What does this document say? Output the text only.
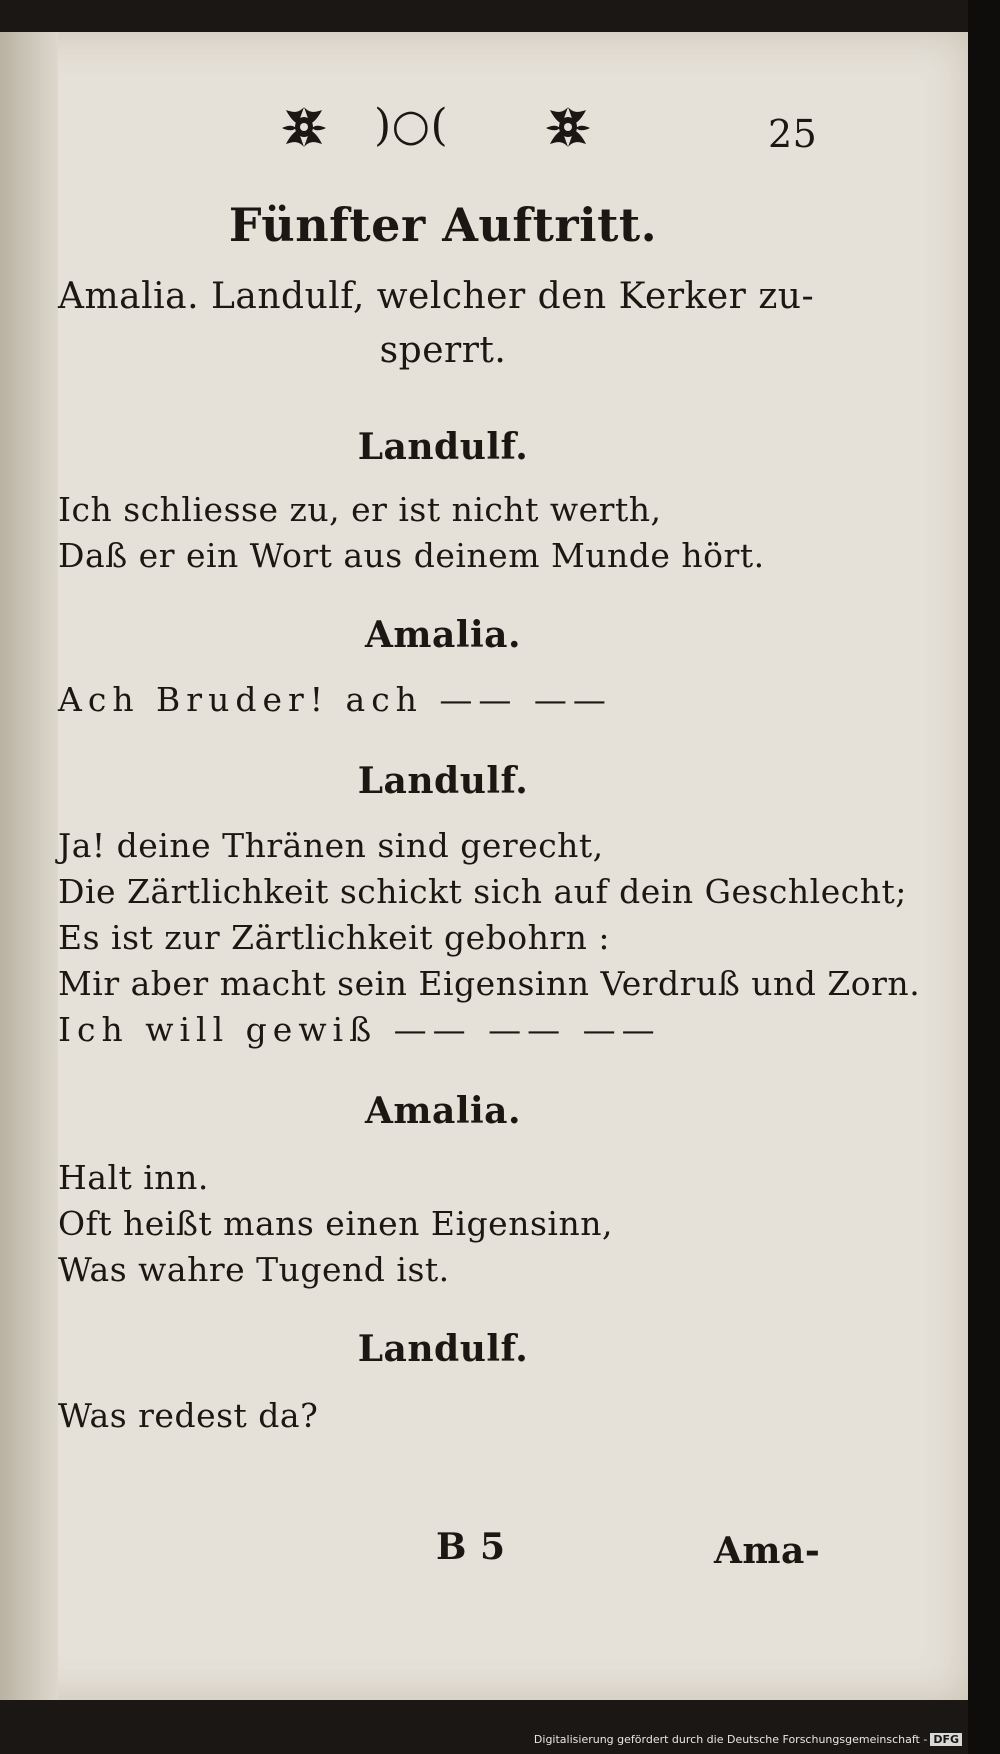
)○(	25
Fünfter Auftritt.
Amalia. Landulf, welcher den Kerker zu-
sperrt.
Landulf.
Ich schliesse zu, er ist nicht werth,
Daß er ein Wort aus deinem Munde hört.
Amalia.
Ach Bruder! ach —— ——
Landulf.
Ja! deine Thränen sind gerecht,
Die Zärtlichkeit schickt sich auf dein Geschlecht;
Es ist zur Zärtlichkeit gebohrn :
Mir aber macht sein Eigensinn Verdruß und Zorn.
Ich will gewiß —— —— ——
Amalia.
Halt inn.
Oft heißt mans einen Eigensinn,
Was wahre Tugend ist.
Landulf.
Was redest da?
B 5	Ama-
Digitalisierung gefördert durch die Deutsche Forschungsgemeinschaft - DFG
